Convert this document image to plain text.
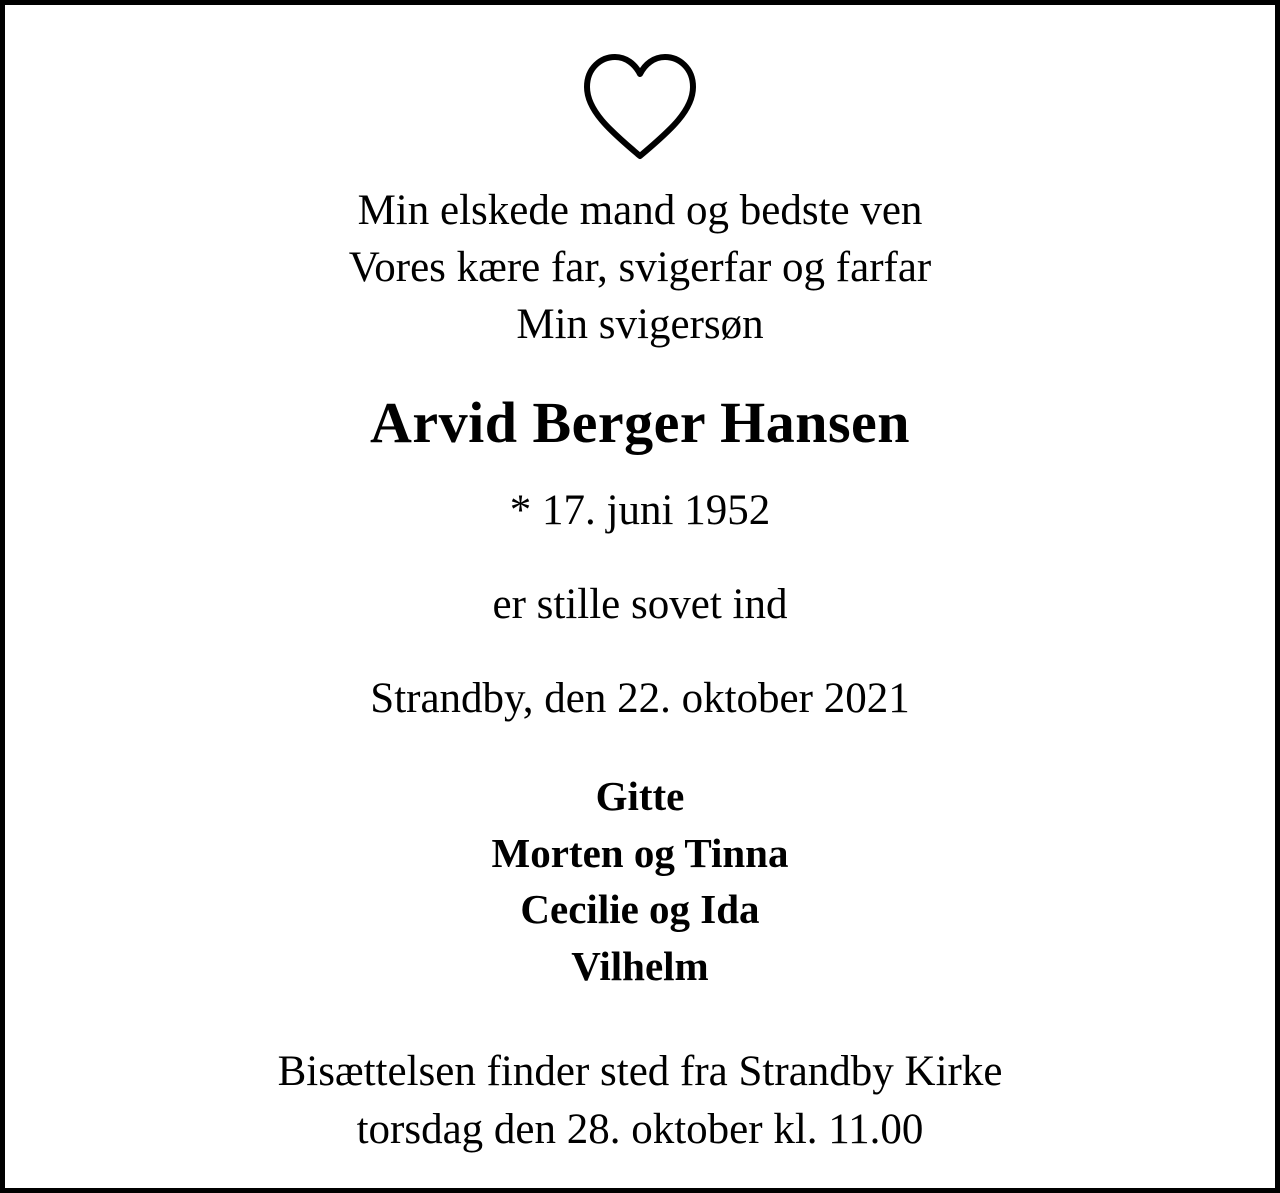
Min elskede mand og bedste ven
Vores kære far, svigerfar og farfar
Min svigersøn
Arvid Berger Hansen
* 17. juni 1952
er stille sovet ind
Strandby, den 22. oktober 2021
Gitte
Morten og Tinna
Cecilie og Ida
Vilhelm
Bisættelsen finder sted fra Strandby Kirke
torsdag den 28. oktober kl. 11.00
